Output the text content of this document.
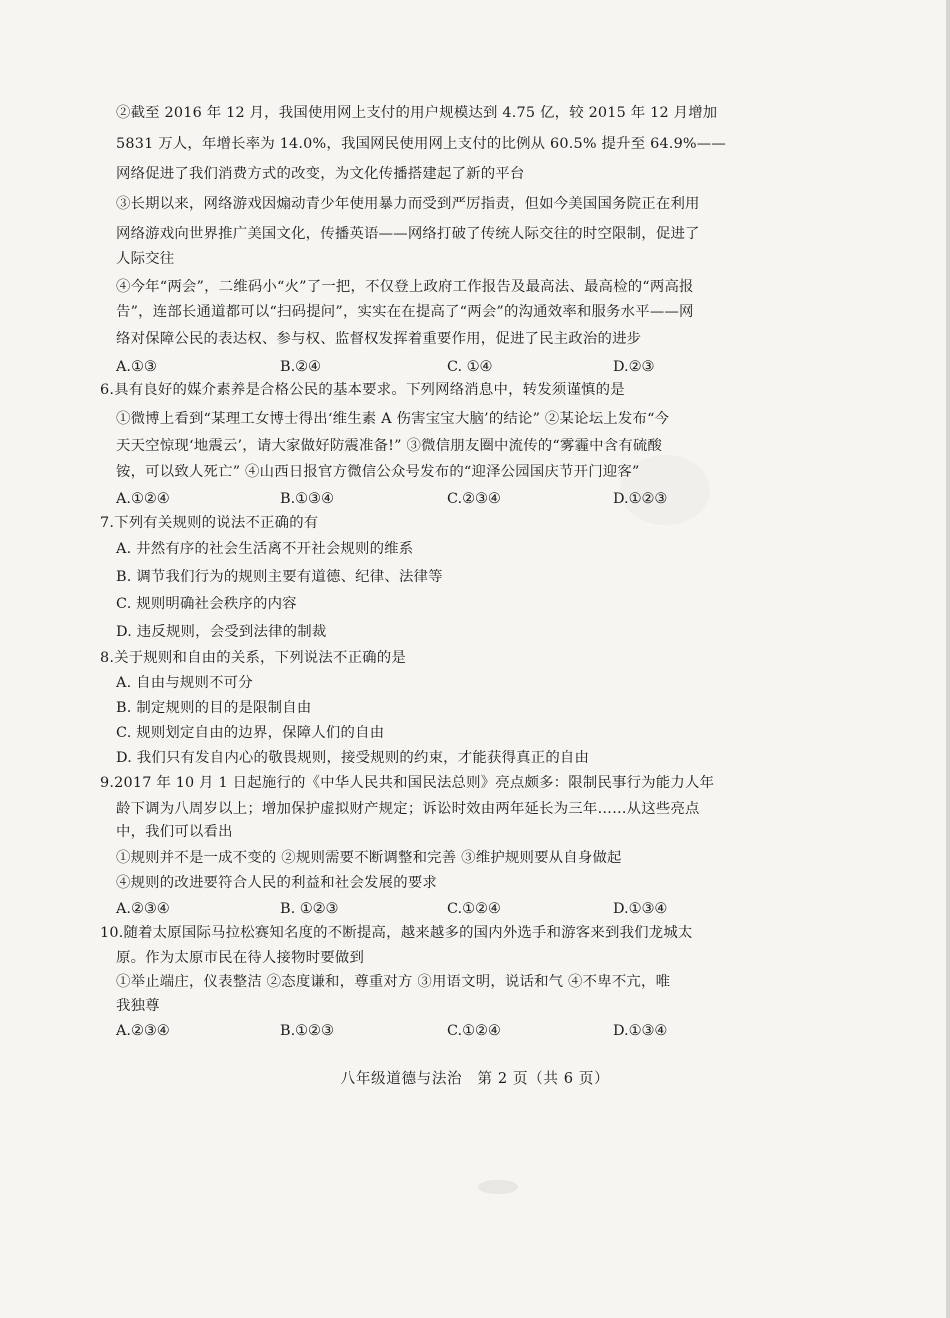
②截至 2016 年 12 月，我国使用网上支付的用户规模达到 4.75 亿，较 2015 年 12 月增加
5831 万人，年增长率为 14.0%，我国网民使用网上支付的比例从 60.5% 提升至 64.9%——
网络促进了我们消费方式的改变，为文化传播搭建起了新的平台
③长期以来，网络游戏因煽动青少年使用暴力而受到严厉指责，但如今美国国务院正在利用
网络游戏向世界推广美国文化，传播英语——网络打破了传统人际交往的时空限制，促进了
人际交往
④今年“两会”，二维码小“火”了一把，不仅登上政府工作报告及最高法、最高检的“两高报
告”，连部长通道都可以“扫码提问”，实实在在提高了“两会”的沟通效率和服务水平——网
络对保障公民的表达权、参与权、监督权发挥着重要作用，促进了民主政治的进步
A.①③	B.②④	C. ①④	D.②③
6.具有良好的媒介素养是合格公民的基本要求。下列网络消息中，转发须谨慎的是
①微博上看到“某理工女博士得出‘维生素 A 伤害宝宝大脑’的结论” ②某论坛上发布“今
天天空惊现‘地震云’，请大家做好防震准备!” ③微信朋友圈中流传的“雾霾中含有硫酸
铵，可以致人死亡” ④山西日报官方微信公众号发布的“迎泽公园国庆节开门迎客”
A.①②④	B.①③④	C.②③④	D.①②③
7.下列有关规则的说法不正确的有
A. 井然有序的社会生活离不开社会规则的维系
B. 调节我们行为的规则主要有道德、纪律、法律等
C. 规则明确社会秩序的内容
D. 违反规则，会受到法律的制裁
8.关于规则和自由的关系，下列说法不正确的是
A. 自由与规则不可分
B. 制定规则的目的是限制自由
C. 规则划定自由的边界，保障人们的自由
D. 我们只有发自内心的敬畏规则，接受规则的约束，才能获得真正的自由
9.2017 年 10 月 1 日起施行的《中华人民共和国民法总则》亮点颇多：限制民事行为能力人年
龄下调为八周岁以上；增加保护虚拟财产规定；诉讼时效由两年延长为三年……从这些亮点
中，我们可以看出
①规则并不是一成不变的 ②规则需要不断调整和完善 ③维护规则要从自身做起
④规则的改进要符合人民的利益和社会发展的要求
A.②③④	B. ①②③	C.①②④	D.①③④
10.随着太原国际马拉松赛知名度的不断提高，越来越多的国内外选手和游客来到我们龙城太
原。作为太原市民在待人接物时要做到
①举止端庄，仪表整洁 ②态度谦和，尊重对方 ③用语文明，说话和气 ④不卑不亢，唯
我独尊
A.②③④	B.①②③	C.①②④	D.①③④
八年级道德与法治　第 2 页（共 6 页）
